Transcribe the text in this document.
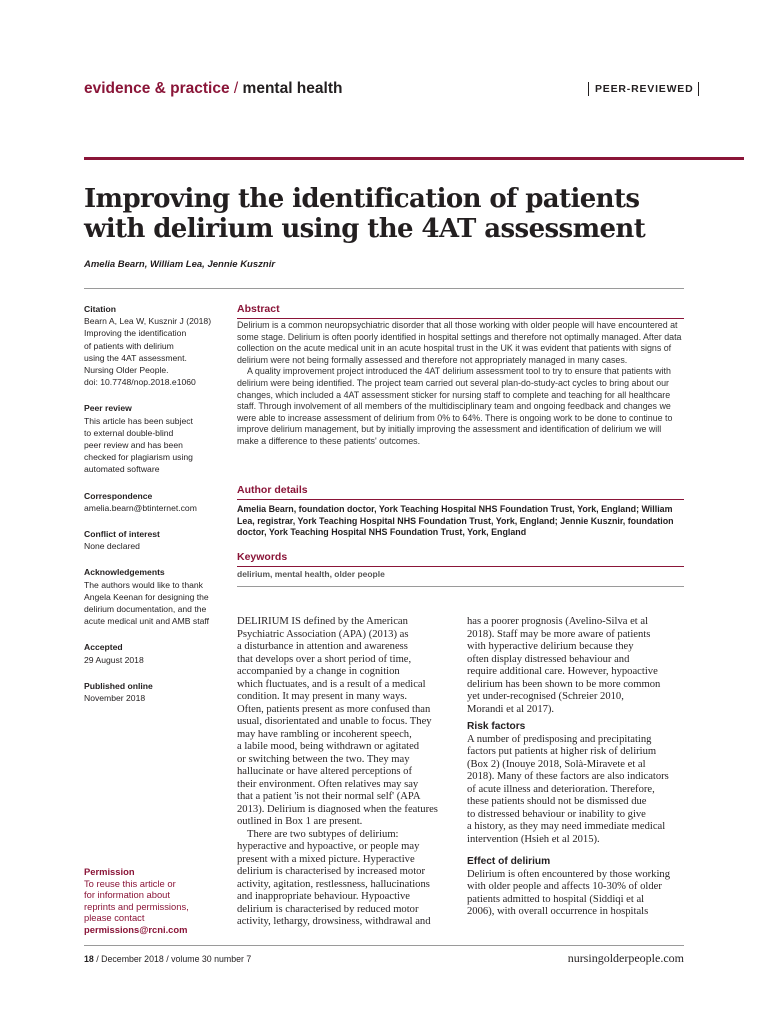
evidence & practice / mental health	PEER-REVIEWED
Improving the identification of patients
with delirium using the 4AT assessment
Amelia Bearn, William Lea, Jennie Kusznir
Citation
Bearn A, Lea W, Kusznir J (2018)
Improving the identification
of patients with delirium
using the 4AT assessment.
Nursing Older People.
doi: 10.7748/nop.2018.e1060
Peer review
This article has been subject
to external double-blind
peer review and has been
checked for plagiarism using
automated software
Correspondence
amelia.bearn@btinternet.com
Conflict of interest
None declared
Acknowledgements
The authors would like to thank
Angela Keenan for designing the
delirium documentation, and the
acute medical unit and AMB staff
Accepted
29 August 2018
Published online
November 2018
Permission
To reuse this article or
for information about
reprints and permissions,
please contact
permissions@rcni.com
Abstract

Delirium is a common neuropsychiatric disorder that all those working with older people will have encountered at some stage. Delirium is often poorly identified in hospital settings and therefore not optimally managed. After data collection on the acute medical unit in an acute hospital trust in the UK it was evident that patients with signs of delirium were not being formally assessed and therefore not appropriately managed in many cases.

A quality improvement project introduced the 4AT delirium assessment tool to try to ensure that patients with delirium were being identified. The project team carried out several plan-do-study-act cycles to bring about our changes, which included a 4AT assessment sticker for nursing staff to complete and teaching for all healthcare staff. Through involvement of all members of the multidisciplinary team and ongoing feedback and changes we were able to increase assessment of delirium from 0% to 64%. There is ongoing work to be done to continue to improve delirium management, but by initially improving the assessment and identification of delirium we will make a difference to these patients' outcomes.

Author details
Amelia Bearn, foundation doctor, York Teaching Hospital NHS Foundation Trust, York, England; William Lea, registrar, York Teaching Hospital NHS Foundation Trust, York, England; Jennie Kusznir, foundation doctor, York Teaching Hospital NHS Foundation Trust, York, England
Keywords
delirium, mental health, older people
DELIRIUM IS defined by the American
Psychiatric Association (APA) (2013) as
a disturbance in attention and awareness
that develops over a short period of time,
accompanied by a change in cognition
which fluctuates, and is a result of a medical
condition. It may present in many ways.
Often, patients present as more confused than
usual, disorientated and unable to focus. They
may have rambling or incoherent speech,
a labile mood, being withdrawn or agitated
or switching between the two. They may
hallucinate or have altered perceptions of
their environment. Often relatives may say
that a patient 'is not their normal self' (APA
2013). Delirium is diagnosed when the features
outlined in Box 1 are present.
There are two subtypes of delirium:
hyperactive and hypoactive, or people may
present with a mixed picture. Hyperactive
delirium is characterised by increased motor
activity, agitation, restlessness, hallucinations
and inappropriate behaviour. Hypoactive
delirium is characterised by reduced motor
activity, lethargy, drowsiness, withdrawal and
has a poorer prognosis (Avelino-Silva et al
2018). Staff may be more aware of patients
with hyperactive delirium because they
often display distressed behaviour and
require additional care. However, hypoactive
delirium has been shown to be more common
yet under-recognised (Schreier 2010,
Morandi et al 2017).
Risk factors
A number of predisposing and precipitating
factors put patients at higher risk of delirium
(Box 2) (Inouye 2018, Solà-Miravete et al
2018). Many of these factors are also indicators
of acute illness and deterioration. Therefore,
these patients should not be dismissed due
to distressed behaviour or inability to give
a history, as they may need immediate medical
intervention (Hsieh et al 2015).
Effect of delirium
Delirium is often encountered by those working
with older people and affects 10-30% of older
patients admitted to hospital (Siddiqi et al
2006), with overall occurrence in hospitals
18 / December 2018 / volume 30 number 7	nursingolderpeople.com
